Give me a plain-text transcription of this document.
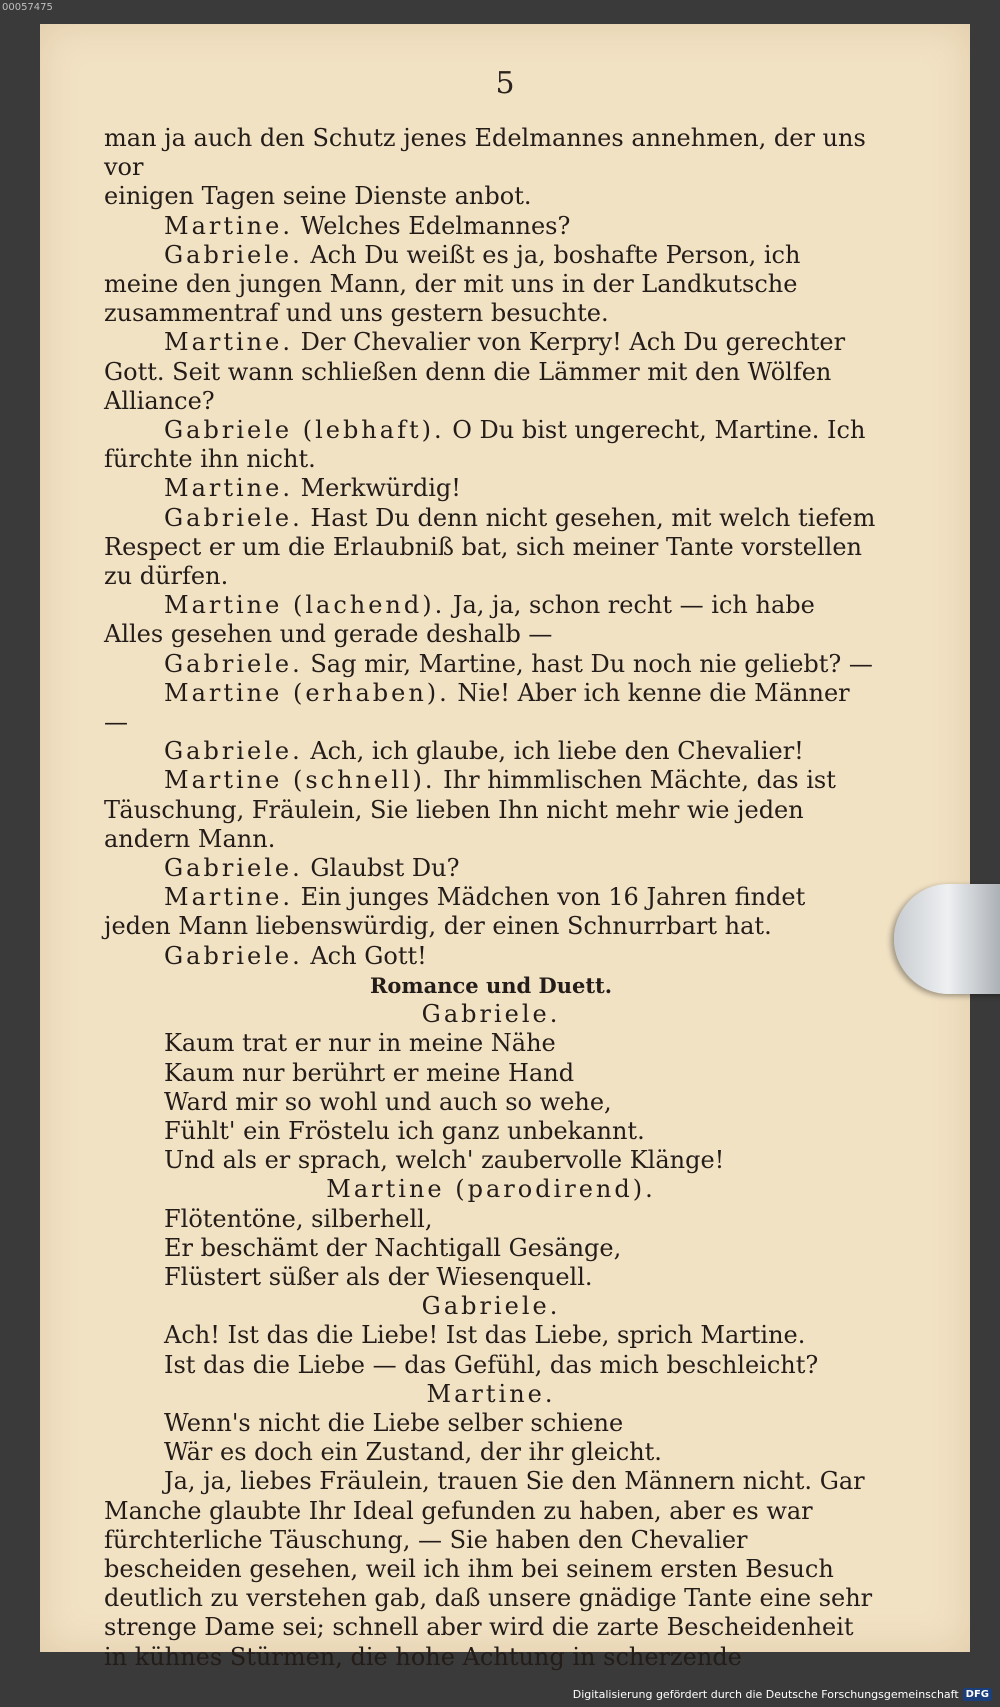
00057475
5

man ja auch den Schutz jenes Edelmannes annehmen, der uns vor
einigen Tagen seine Dienste anbot.

Martine. Welches Edelmannes?

Gabriele. Ach Du weißt es ja, boshafte Person, ich meine den jungen Mann, der mit uns in der Landkutsche zusammentraf und uns gestern besuchte.

Martine. Der Chevalier von Kerpry! Ach Du gerechter Gott. Seit wann schließen denn die Lämmer mit den Wölfen Alliance?

Gabriele (lebhaft). O Du bist ungerecht, Martine. Ich fürchte ihn nicht.

Martine. Merkwürdig!

Gabriele. Hast Du denn nicht gesehen, mit welch tiefem Respect er um die Erlaubniß bat, sich meiner Tante vorstellen zu dürfen.

Martine (lachend). Ja, ja, schon recht — ich habe Alles gesehen und gerade deshalb —

Gabriele. Sag mir, Martine, hast Du noch nie geliebt? —

Martine (erhaben). Nie! Aber ich kenne die Männer —

Gabriele. Ach, ich glaube, ich liebe den Chevalier!

Martine (schnell). Ihr himmlischen Mächte, das ist Täuschung, Fräulein, Sie lieben Ihn nicht mehr wie jeden andern Mann.

Gabriele. Glaubst Du?

Martine. Ein junges Mädchen von 16 Jahren findet jeden Mann liebenswürdig, der einen Schnurrbart hat.

Gabriele. Ach Gott!

Romance und Duett.

Gabriele.

Kaum trat er nur in meine Nähe
Kaum nur berührt er meine Hand
Ward mir so wohl und auch so wehe,
Fühlt' ein Fröstelu ich ganz unbekannt.
Und als er sprach, welch' zaubervolle Klänge!

Martine (parodirend).

Flötentöne, silberhell,
Er beschämt der Nachtigall Gesänge,
Flüstert süßer als der Wiesenquell.

Gabriele.

Ach! Ist das die Liebe! Ist das Liebe, sprich Martine.
Ist das die Liebe — das Gefühl, das mich beschleicht?

Martine.

Wenn's nicht die Liebe selber schiene
Wär es doch ein Zustand, der ihr gleicht.

Ja, ja, liebes Fräulein, trauen Sie den Männern nicht. Gar Manche glaubte Ihr Ideal gefunden zu haben, aber es war fürchterliche Täuschung, — Sie haben den Chevalier bescheiden gesehen, weil ich ihm bei seinem ersten Besuch deutlich zu verstehen gab, daß unsere gnädige Tante eine sehr strenge Dame sei; schnell aber wird die zarte Bescheidenheit in kühnes Stürmen, die hohe Achtung in scherzende

Digitalisierung gefördert durch die Deutsche Forschungsgemeinschaft DFG
